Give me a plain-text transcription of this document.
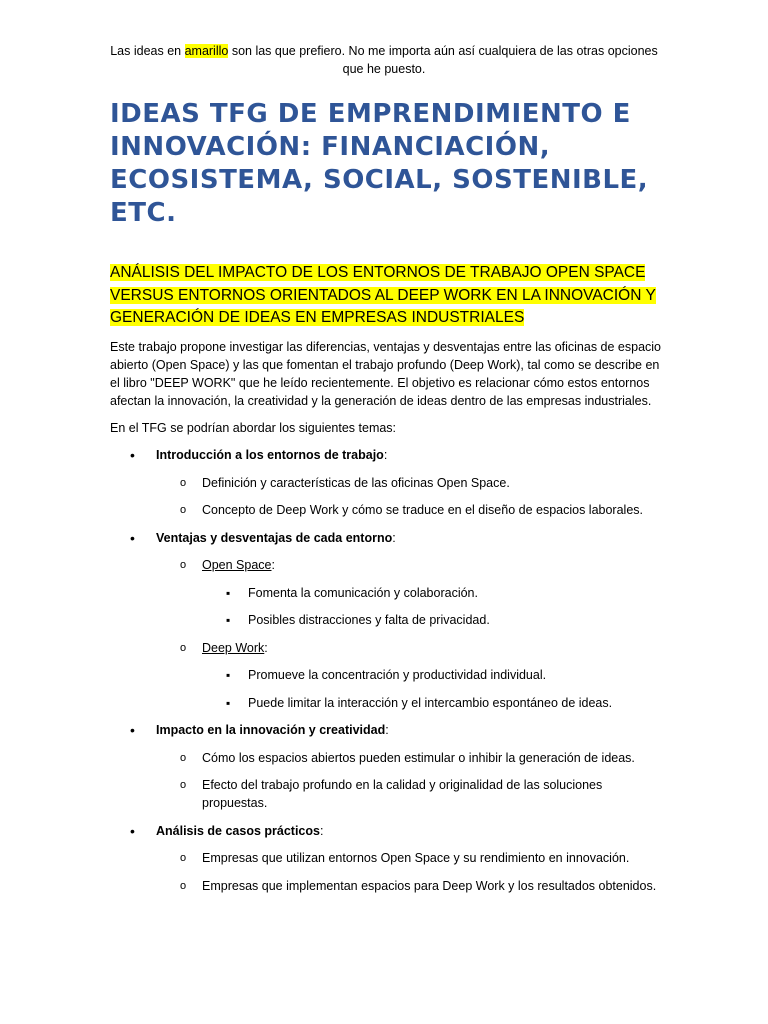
Las ideas en amarillo son las que prefiero. No me importa aún así cualquiera de las otras opciones que he puesto.
IDEAS TFG DE EMPRENDIMIENTO E INNOVACIÓN: FINANCIACIÓN, ECOSISTEMA, SOCIAL, SOSTENIBLE, ETC.
ANÁLISIS DEL IMPACTO DE LOS ENTORNOS DE TRABAJO OPEN SPACE VERSUS ENTORNOS ORIENTADOS AL DEEP WORK EN LA INNOVACIÓN Y GENERACIÓN DE IDEAS EN EMPRESAS INDUSTRIALES

Este trabajo propone investigar las diferencias, ventajas y desventajas entre las oficinas de espacio abierto (Open Space) y las que fomentan el trabajo profundo (Deep Work), tal como se describe en el libro "DEEP WORK" que he leído recientemente. El objetivo es relacionar cómo estos entornos afectan la innovación, la creatividad y la generación de ideas dentro de las empresas industriales.

En el TFG se podrían abordar los siguientes temas:

• Introducción a los entornos de trabajo:
o Definición y características de las oficinas Open Space.
o Concepto de Deep Work y cómo se traduce en el diseño de espacios laborales.
• Ventajas y desventajas de cada entorno:
o Open Space:
▪ Fomenta la comunicación y colaboración.
▪ Posibles distracciones y falta de privacidad.
o Deep Work:
▪ Promueve la concentración y productividad individual.
▪ Puede limitar la interacción y el intercambio espontáneo de ideas.
• Impacto en la innovación y creatividad:
o Cómo los espacios abiertos pueden estimular o inhibir la generación de ideas.
o Efecto del trabajo profundo en la calidad y originalidad de las soluciones propuestas.
• Análisis de casos prácticos:
o Empresas que utilizan entornos Open Space y su rendimiento en innovación.
o Empresas que implementan espacios para Deep Work y los resultados obtenidos.
